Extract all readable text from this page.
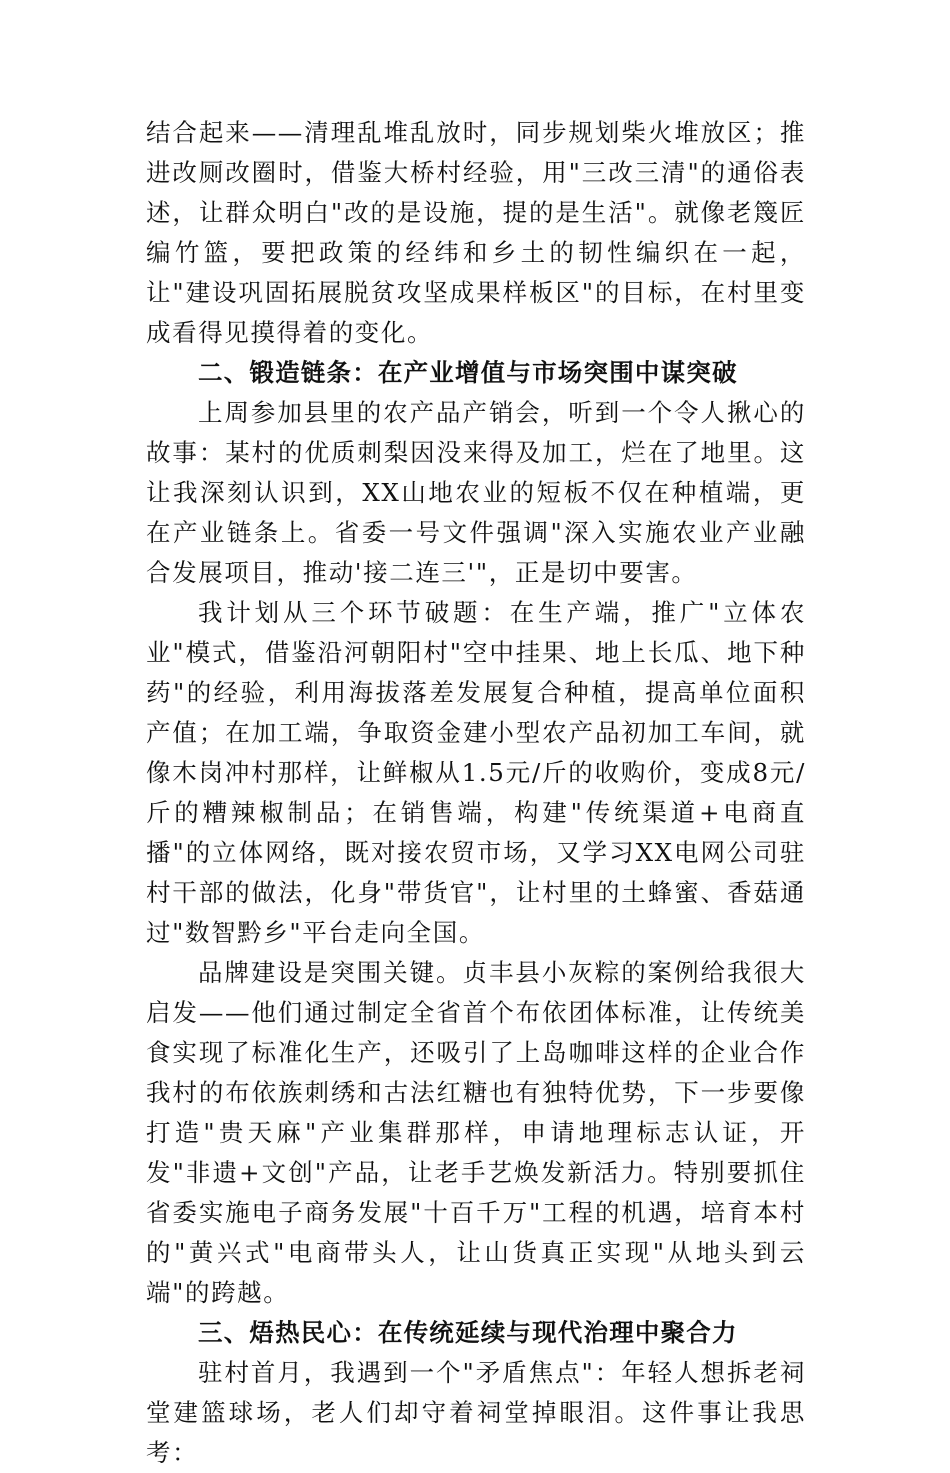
结合起来——清理乱堆乱放时，同步规划柴火堆放区；推进改厕改圈时，借鉴大桥村经验，用"三改三清"的通俗表述，让群众明白"改的是设施，提的是生活"。就像老篾匠编竹篮，要把政策的经纬和乡土的韧性编织在一起，让"建设巩固拓展脱贫攻坚成果样板区"的目标，在村里变成看得见摸得着的变化。

二、锻造链条：在产业增值与市场突围中谋突破

上周参加县里的农产品产销会，听到一个令人揪心的故事：某村的优质刺梨因没来得及加工，烂在了地里。这让我深刻认识到，XX山地农业的短板不仅在种植端，更在产业链条上。省委一号文件强调"深入实施农业产业融合发展项目，推动'接二连三'"，正是切中要害。

我计划从三个环节破题：在生产端，推广"立体农业"模式，借鉴沿河朝阳村"空中挂果、地上长瓜、地下种药"的经验，利用海拔落差发展复合种植，提高单位面积产值；在加工端，争取资金建小型农产品初加工车间，就像木岗冲村那样，让鲜椒从1.5元/斤的收购价，变成8元/斤的糟辣椒制品；在销售端，构建"传统渠道+电商直播"的立体网络，既对接农贸市场，又学习XX电网公司驻村干部的做法，化身"带货官"，让村里的土蜂蜜、香菇通过"数智黔乡"平台走向全国。

品牌建设是突围关键。贞丰县小灰粽的案例给我很大启发——他们通过制定全省首个布依团体标准，让传统美食实现了标准化生产，还吸引了上岛咖啡这样的企业合作我村的布依族刺绣和古法红糖也有独特优势，下一步要像打造"贵天麻"产业集群那样，申请地理标志认证，开发"非遗+文创"产品，让老手艺焕发新活力。特别要抓住省委实施电子商务发展"十百千万"工程的机遇，培育本村的"黄兴式"电商带头人，让山货真正实现"从地头到云端"的跨越。

三、焐热民心：在传统延续与现代治理中聚合力

驻村首月，我遇到一个"矛盾焦点"：年轻人想拆老祠堂建篮球场，老人们却守着祠堂掉眼泪。这件事让我思考：
